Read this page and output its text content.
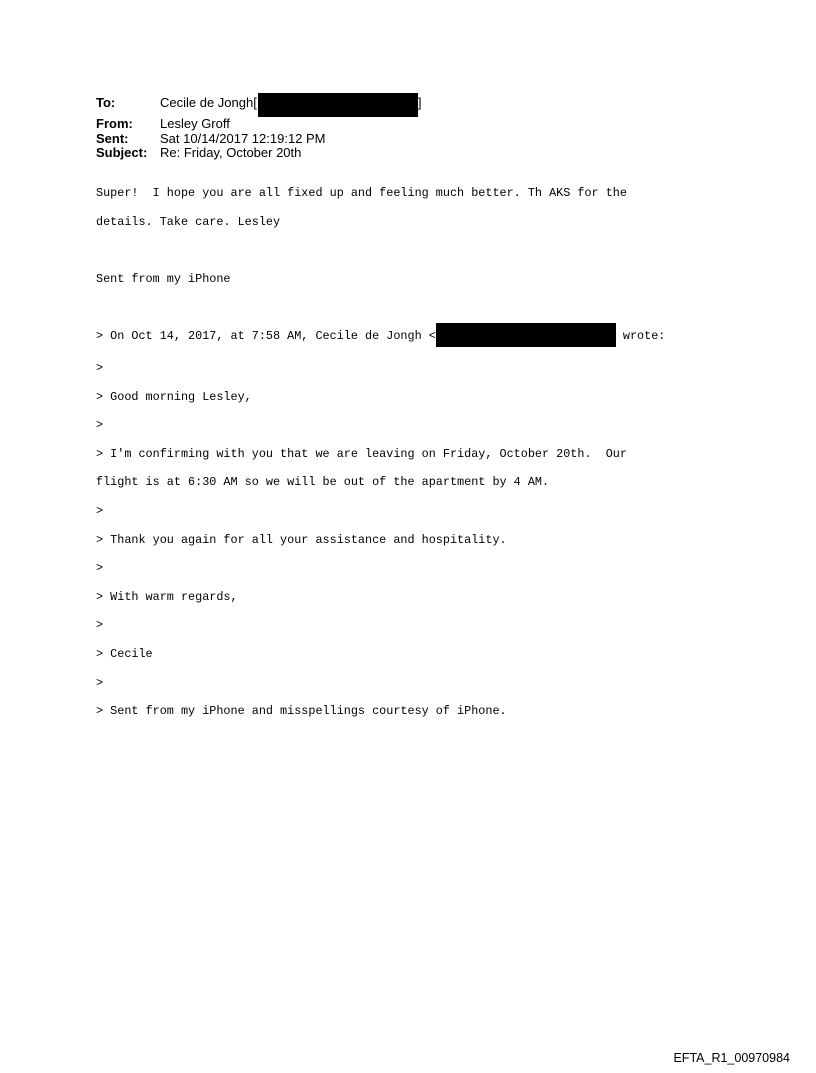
To:	Cecile de Jongh[	]
From:	Lesley Groff
Sent:	Sat 10/14/2017 12:19:12 PM
Subject: Re: Friday, October 20th

Super!  I hope you are all fixed up and feeling much better. Th AKS for the

details. Take care. Lesley

Sent from my iPhone

> On Oct 14, 2017, at 7:58 AM, Cecile de Jongh <	wrote:

>

> Good morning Lesley,

>

> I'm confirming with you that we are leaving on Friday, October 20th.  Our

flight is at 6:30 AM so we will be out of the apartment by 4 AM.

>

> Thank you again for all your assistance and hospitality.

>

> With warm regards,

>

> Cecile

>

> Sent from my iPhone and misspellings courtesy of iPhone.

EFTA_R1_00970984
